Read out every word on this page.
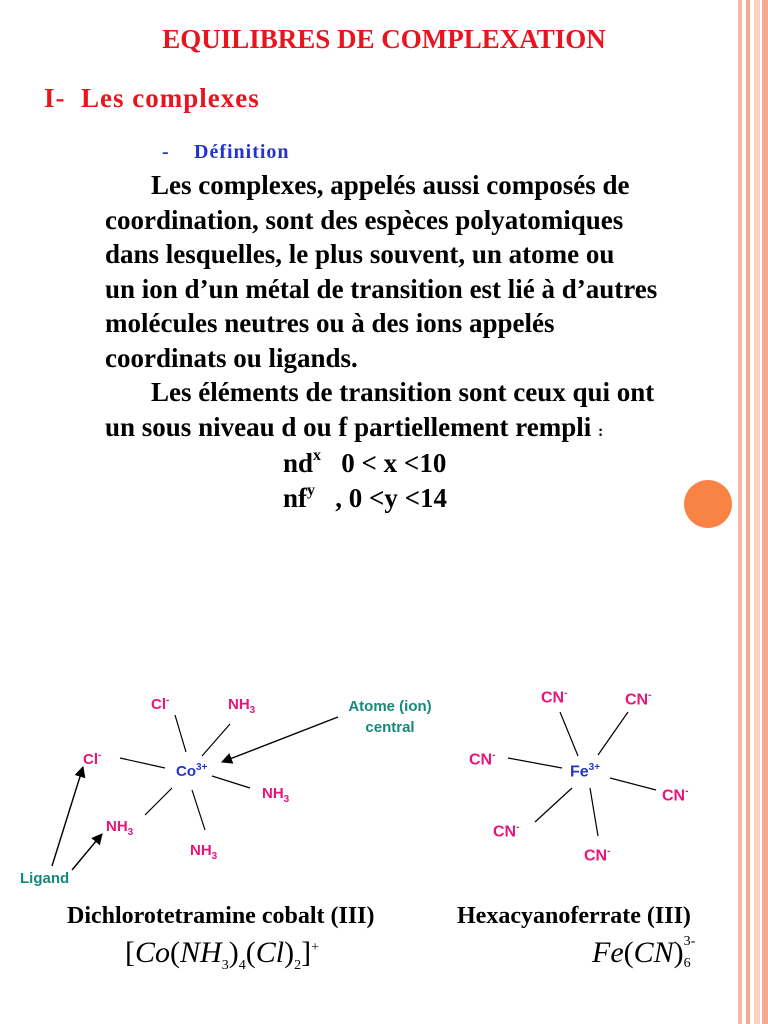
EQUILIBRES DE COMPLEXATION
I- Les complexes
- Définition
Les complexes, appelés aussi composés de
coordination, sont des espèces polyatomiques
dans lesquelles, le plus souvent, un atome ou
un ion d’un métal de transition est lié à d’autres
molécules neutres ou à des ions appelés
coordinats ou ligands.
Les éléments de transition sont ceux qui ont
un sous niveau d ou f partiellement rempli :
$nd^x$ 0 < x <10
$nf^y$ , 0 <y <14
Cl-	$NH_3$
Cl-
$Co^{3+}$
$NH_3$
$NH_3$
$NH_3$
Atome (ion)
central
Ligand
CN-	CN-
CN-
$Fe^{3+}$
CN-
CN-
CN-
Dichlorotetramine cobalt (III)	Hexacyanoferrate (III)
$[Co(NH_3)_4(Cl)_2]^+$	Fe(CN) 3-
6
